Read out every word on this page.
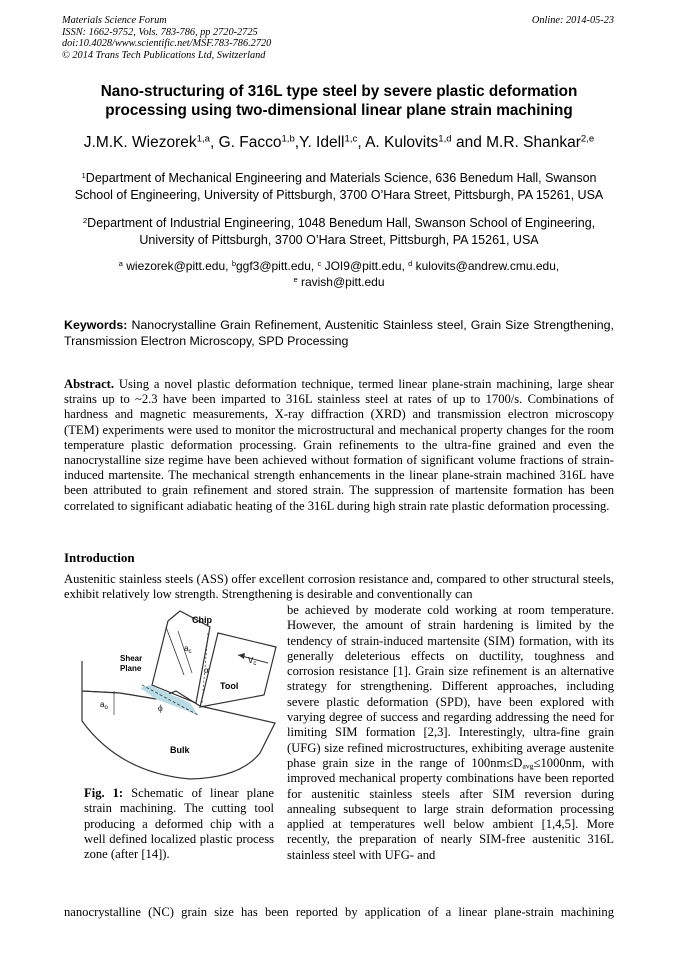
Materials Science Forum
ISSN: 1662-9752, Vols. 783-786, pp 2720-2725
doi:10.4028/www.scientific.net/MSF.783-786.2720
© 2014 Trans Tech Publications Ltd, Switzerland
Online: 2014-05-23
Nano-structuring of 316L type steel by severe plastic deformation
processing using two-dimensional linear plane strain machining
J.M.K. Wiezorek$^{1,a}$, G. Facco$^{1,b}$,Y. Idell$^{1,c}$, A. Kulovits$^{1,d}$ and M.R. Shankar$^{2,e}$
$^1$Department of Mechanical Engineering and Materials Science, 636 Benedum Hall, Swanson
School of Engineering, University of Pittsburgh, 3700 O’Hara Street, Pittsburgh, PA 15261, USA
$^2$Department of Industrial Engineering, 1048 Benedum Hall, Swanson School of Engineering,
University of Pittsburgh, 3700 O’Hara Street, Pittsburgh, PA 15261, USA
$^a$ wiezorek@pitt.edu, $^b$ggf3@pitt.edu, $^c$ JOI9@pitt.edu, $^d$ kulovits@andrew.cmu.edu,
$^e$ ravish@pitt.edu
Keywords: Nanocrystalline Grain Refinement, Austenitic Stainless steel, Grain Size Strengthening, Transmission Electron Microscopy, SPD Processing
Abstract. Using a novel plastic deformation technique, termed linear plane-strain machining, large shear strains up to ~2.3 have been imparted to 316L stainless steel at rates of up to 1700/s. Combinations of hardness and magnetic measurements, X-ray diffraction (XRD) and transmission electron microscopy (TEM) experiments were used to monitor the microstructural and mechanical property changes for the room temperature plastic deformation processing. Grain refinements to the ultra-fine grained and even the nanocrystalline size regime have been achieved without formation of significant volume fractions of strain-induced martensite. The mechanical strength enhancements in the linear plane-strain machined 316L have been attributed to grain refinement and stored strain. The suppression of martensite formation has been correlated to significant adiabatic heating of the 316L during high strain rate plastic deformation processing.
Introduction
Austenitic stainless steels (ASS) offer excellent corrosion resistance and, compared to other structural steels, exhibit relatively low strength. Strengthening is desirable and conventionally can
Chip
Shear
Plane
Tool
$a_c$
$a_o$
$V_c$
α
ϕ
Bulk
Fig. 1: Schematic of linear plane strain machining. The cutting tool producing a deformed chip with a well defined localized plastic process zone (after [14]).
be achieved by moderate cold working at room temperature. However, the amount of strain hardening is limited by the tendency of strain-induced martensite (SIM) formation, with its generally deleterious effects on ductility, toughness and corrosion resistance [1]. Grain size refinement is an alternative strategy for strengthening. Different approaches, including severe plastic deformation (SPD), have been explored with varying degree of success and regarding addressing the need for limiting SIM formation [2,3]. Interestingly, ultra-fine grain (UFG) size refined microstructures, exhibiting average austenite phase grain size in the range of $100nm\le D_{avg}\le 1000nm$, with improved mechanical property combinations have been reported for austenitic stainless steels after SIM reversion during annealing subsequent to large strain deformation processing applied at temperatures well below ambient [1,4,5]. More recently, the preparation of nearly SIM-free austenitic 316L stainless steel with UFG- and
nanocrystalline (NC) grain size has been reported by application of a linear plane-strain machining
